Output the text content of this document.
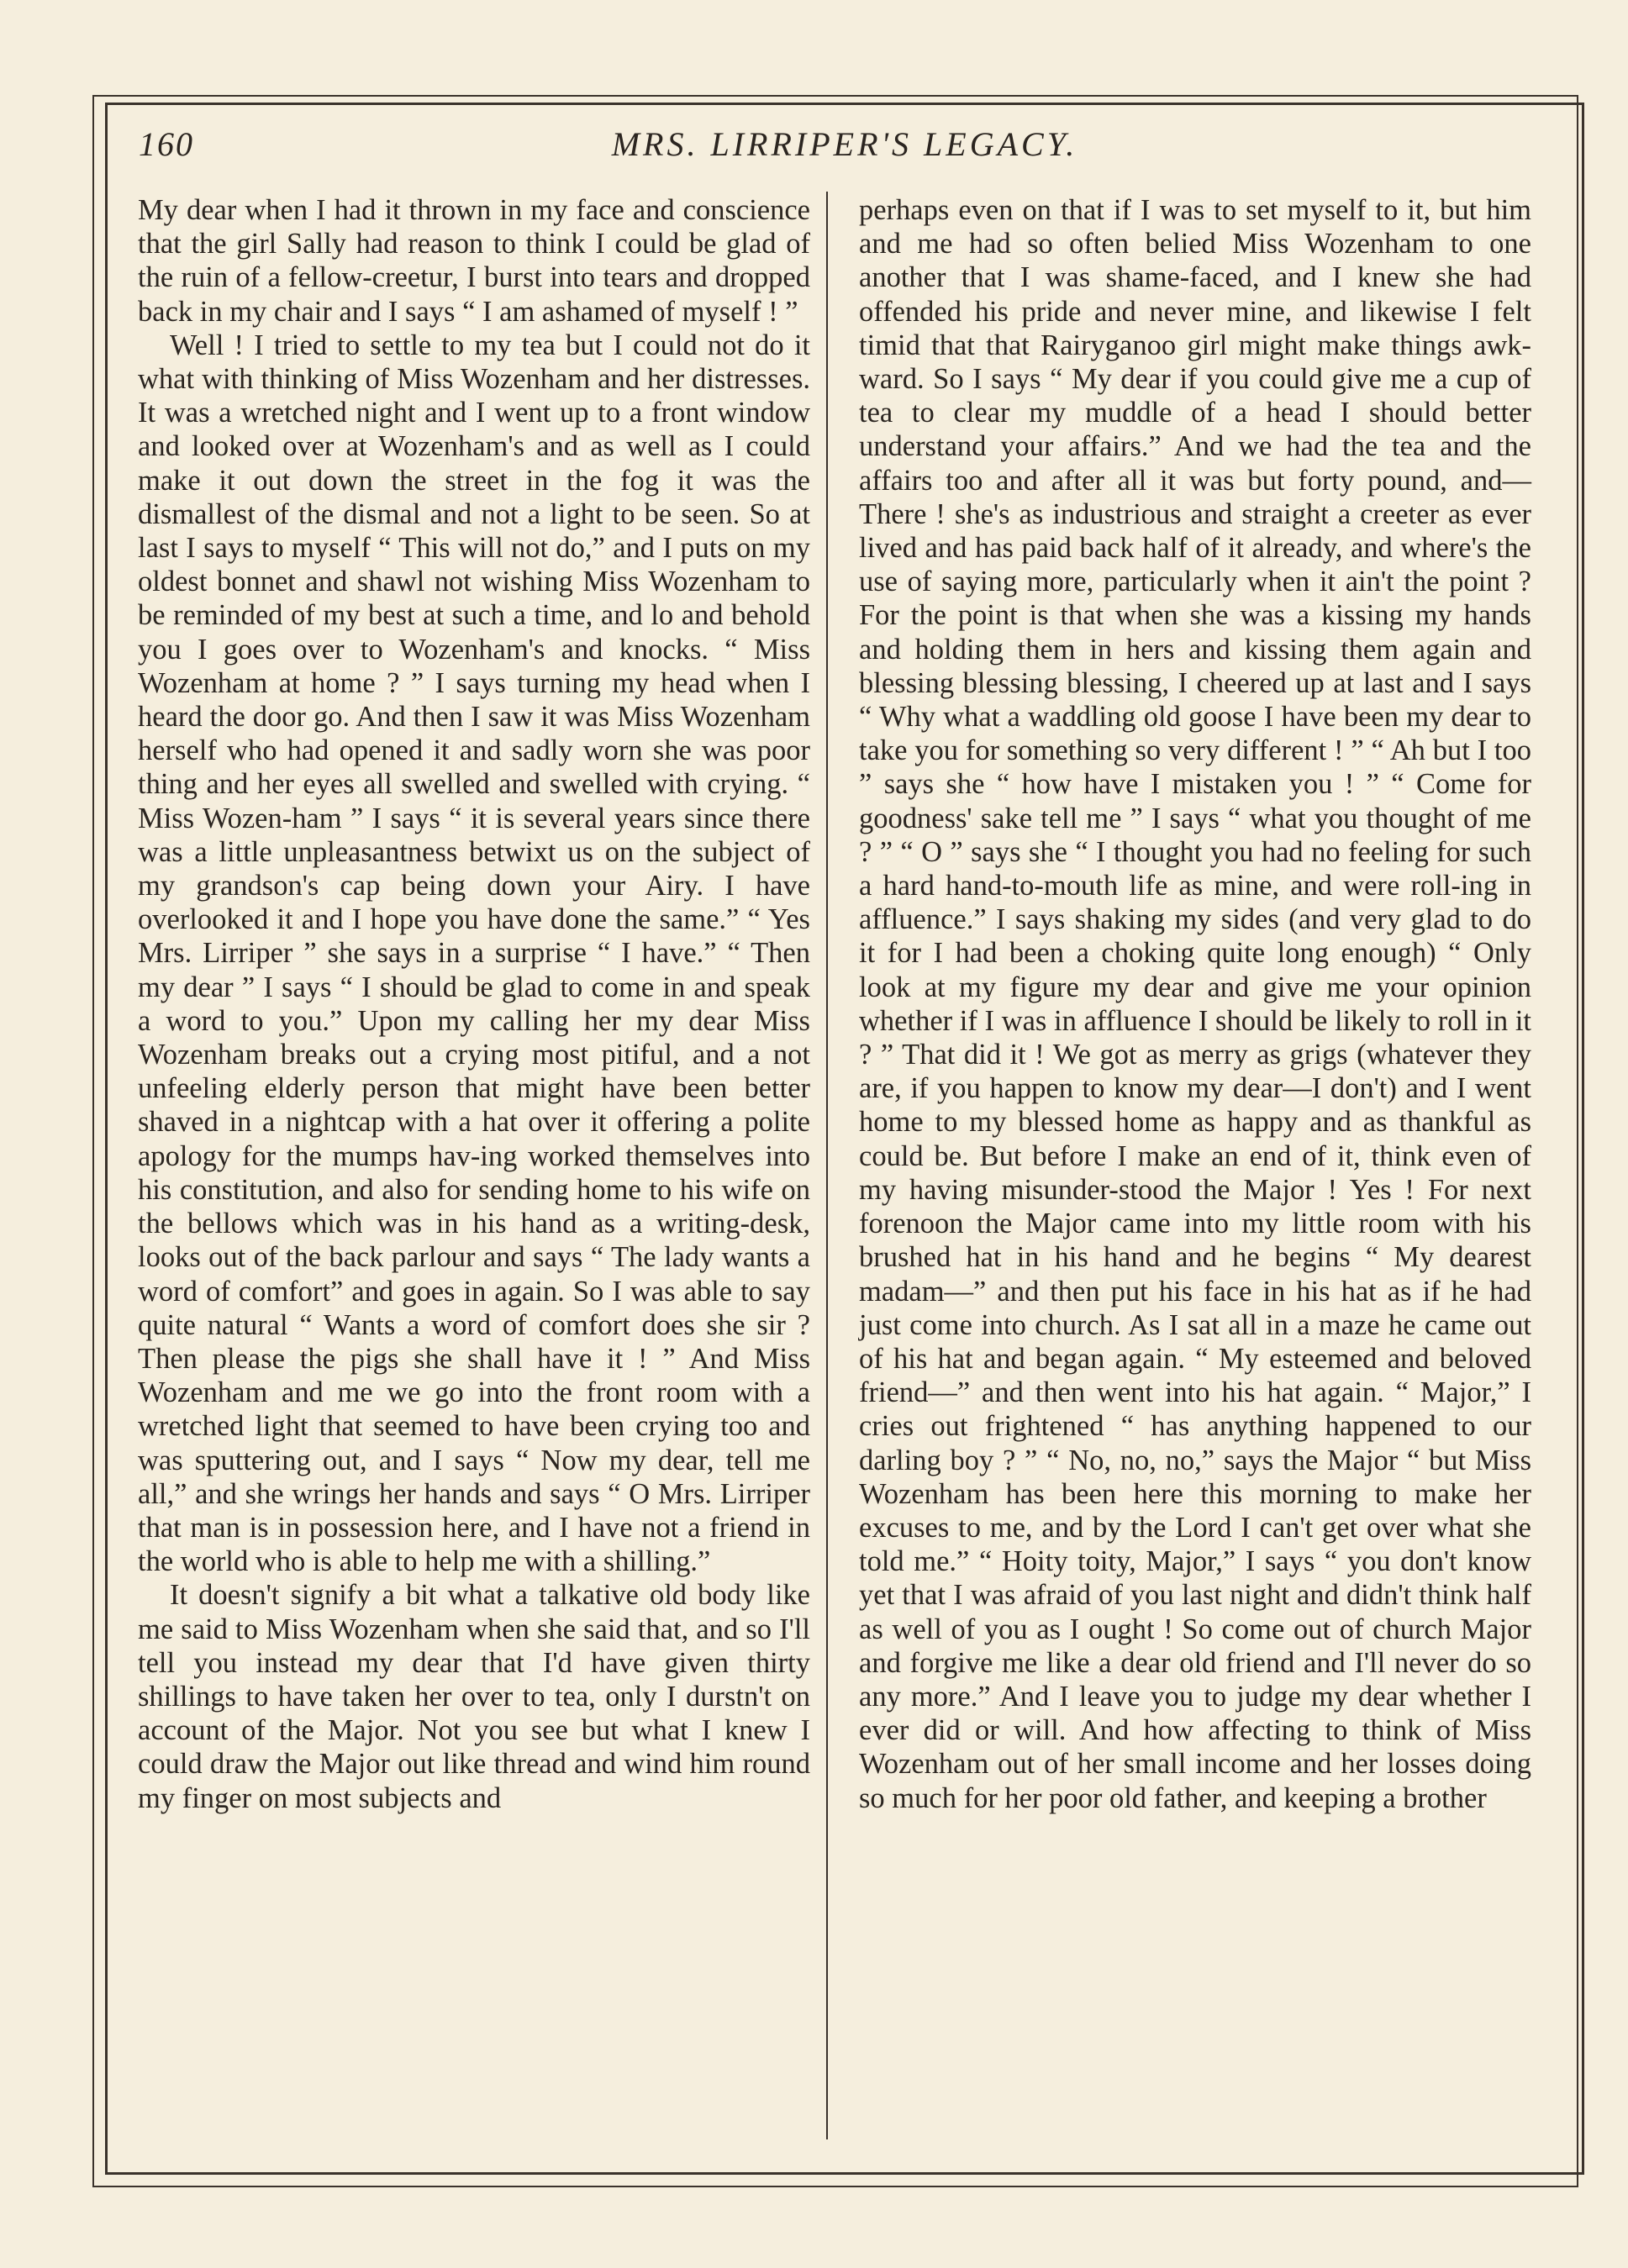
160	MRS. LIRRIPER'S LEGACY.

My dear when I had it thrown in my face and conscience that the girl Sally had reason to think I could be glad of the ruin of a fellow-creetur, I burst into tears and dropped back in my chair and I says “ I am ashamed of myself ! ”

Well ! I tried to settle to my tea but I could not do it what with thinking of Miss Wozenham and her distresses. It was a wretched night and I went up to a front window and looked over at Wozenham's and as well as I could make it out down the street in the fog it was the dismallest of the dismal and not a light to be seen. So at last I says to myself “ This will not do,” and I puts on my oldest bonnet and shawl not wishing Miss Wozenham to be reminded of my best at such a time, and lo and behold you I goes over to Wozenham's and knocks. “ Miss Wozenham at home ? ” I says turning my head when I heard the door go. And then I saw it was Miss Wozenham herself who had opened it and sadly worn she was poor thing and her eyes all swelled and swelled with crying. “ Miss Wozen-ham ” I says “ it is several years since there was a little unpleasantness betwixt us on the subject of my grandson's cap being down your Airy. I have overlooked it and I hope you have done the same.” “ Yes Mrs. Lirriper ” she says in a surprise “ I have.” “ Then my dear ” I says “ I should be glad to come in and speak a word to you.” Upon my calling her my dear Miss Wozenham breaks out a crying most pitiful, and a not unfeeling elderly person that might have been better shaved in a nightcap with a hat over it offering a polite apology for the mumps hav-ing worked themselves into his constitution, and also for sending home to his wife on the bellows which was in his hand as a writing-desk, looks out of the back parlour and says “ The lady wants a word of comfort” and goes in again. So I was able to say quite natural “ Wants a word of comfort does she sir ? Then please the pigs she shall have it ! ” And Miss Wozenham and me we go into the front room with a wretched light that seemed to have been crying too and was sputtering out, and I says “ Now my dear, tell me all,” and she wrings her hands and says “ O Mrs. Lirriper that man is in possession here, and I have not a friend in the world who is able to help me with a shilling.”

It doesn't signify a bit what a talkative old body like me said to Miss Wozenham when she said that, and so I'll tell you instead my dear that I'd have given thirty shillings to have taken her over to tea, only I durstn't on account of the Major. Not you see but what I knew I could draw the Major out like thread and wind him round my finger on most subjects and

perhaps even on that if I was to set myself to it, but him and me had so often belied Miss Wozenham to one another that I was shame-faced, and I knew she had offended his pride and never mine, and likewise I felt timid that that Rairyganoo girl might make things awk-ward. So I says “ My dear if you could give me a cup of tea to clear my muddle of a head I should better understand your affairs.” And we had the tea and the affairs too and after all it was but forty pound, and— There ! she's as industrious and straight a creeter as ever lived and has paid back half of it already, and where's the use of saying more, particularly when it ain't the point ? For the point is that when she was a kissing my hands and holding them in hers and kissing them again and blessing blessing blessing, I cheered up at last and I says “ Why what a waddling old goose I have been my dear to take you for something so very different ! ” “ Ah but I too ” says she “ how have I mistaken you ! ” “ Come for goodness' sake tell me ” I says “ what you thought of me ? ” “ O ” says she “ I thought you had no feeling for such a hard hand-to-mouth life as mine, and were roll-ing in affluence.” I says shaking my sides (and very glad to do it for I had been a choking quite long enough) “ Only look at my figure my dear and give me your opinion whether if I was in affluence I should be likely to roll in it ? ” That did it ! We got as merry as grigs (whatever they are, if you happen to know my dear—I don't) and I went home to my blessed home as happy and as thankful as could be. But before I make an end of it, think even of my having misunder-stood the Major ! Yes ! For next forenoon the Major came into my little room with his brushed hat in his hand and he begins “ My dearest madam—” and then put his face in his hat as if he had just come into church. As I sat all in a maze he came out of his hat and began again. “ My esteemed and beloved friend—” and then went into his hat again. “ Major,” I cries out frightened “ has anything happened to our darling boy ? ” “ No, no, no,” says the Major “ but Miss Wozenham has been here this morning to make her excuses to me, and by the Lord I can't get over what she told me.” “ Hoity toity, Major,” I says “ you don't know yet that I was afraid of you last night and didn't think half as well of you as I ought ! So come out of church Major and forgive me like a dear old friend and I'll never do so any more.” And I leave you to judge my dear whether I ever did or will. And how affecting to think of Miss Wozenham out of her small income and her losses doing so much for her poor old father, and keeping a brother
